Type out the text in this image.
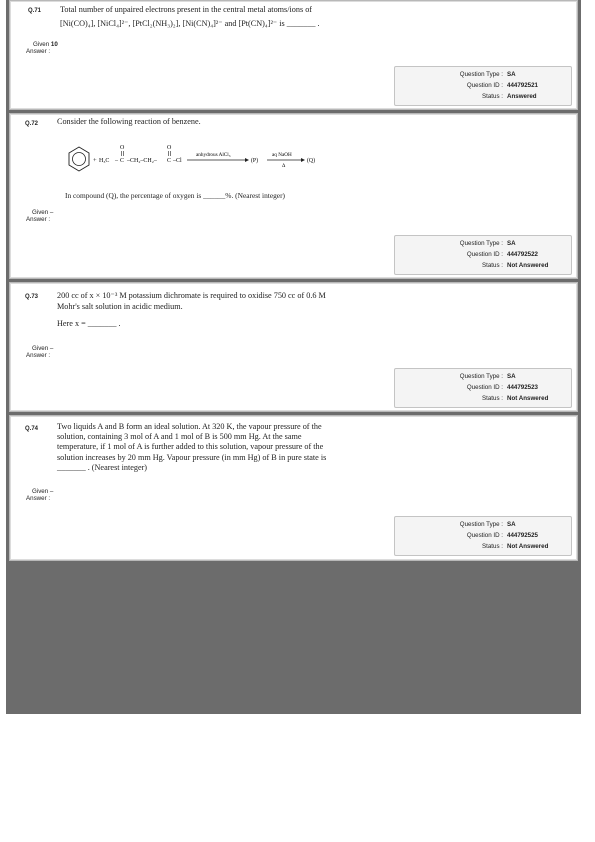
Q.71 Total number of unpaired electrons present in the central metal atoms/ions of
[Ni(CO)₄], [NiCl₄]²⁻, [PtCl₂(NH₃)₂], [Ni(CN)₄]²⁻ and [Pt(CN)₄]²⁻ is _______ .
Given 10
Answer :
Question Type : SA
Question ID : 444792521
Status : Answered
Q.72 Consider the following reaction of benzene.
+ H₃C –
O
C –CH₂–CH₂–
O
C –Cl
anhydrous AlCl₃
(P)
aq NaOH
Δ
(Q)
In compound (Q), the percentage of oxygen is ______%. (Nearest integer)
Given –
Answer :
Question Type : SA
Question ID : 444792522
Status : Not Answered
Q.73 200 cc of x × 10⁻³ M potassium dichromate is required to oxidise 750 cc of 0.6 M
Mohr's salt solution in acidic medium.
Here x = _______ .
Given –
Answer :
Question Type : SA
Question ID : 444792523
Status : Not Answered
Q.74 Two liquids A and B form an ideal solution. At 320 K, the vapour pressure of the
solution, containing 3 mol of A and 1 mol of B is 500 mm Hg. At the same
temperature, if 1 mol of A is further added to this solution, vapour pressure of the
solution increases by 20 mm Hg. Vapour pressure (in mm Hg) of B in pure state is
_______ . (Nearest integer)
Given –
Answer :
Question Type : SA
Question ID : 444792525
Status : Not Answered
